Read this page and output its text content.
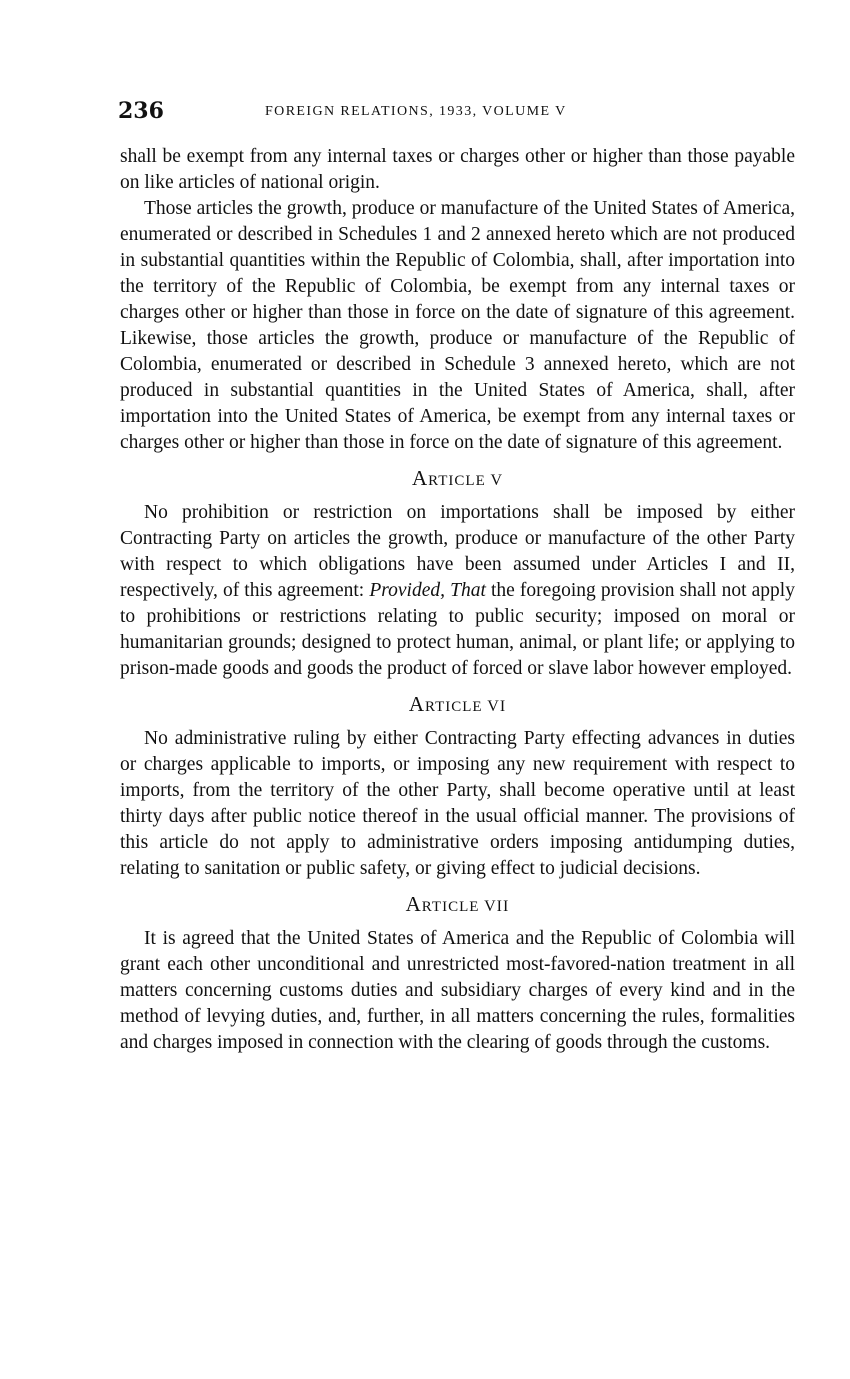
236	FOREIGN RELATIONS, 1933, VOLUME V

shall be exempt from any internal taxes or charges other or higher than those payable on like articles of national origin.

Those articles the growth, produce or manufacture of the United States of America, enumerated or described in Schedules 1 and 2 annexed hereto which are not produced in substantial quantities within the Republic of Colombia, shall, after importation into the territory of the Republic of Colombia, be exempt from any internal taxes or charges other or higher than those in force on the date of signature of this agreement. Likewise, those articles the growth, produce or manufacture of the Republic of Colombia, enumerated or described in Schedule 3 annexed hereto, which are not produced in substantial quantities in the United States of America, shall, after importation into the United States of America, be exempt from any internal taxes or charges other or higher than those in force on the date of signature of this agreement.

Article V

No prohibition or restriction on importations shall be imposed by either Contracting Party on articles the growth, produce or manufacture of the other Party with respect to which obligations have been assumed under Articles I and II, respectively, of this agreement: Provided, That the foregoing provision shall not apply to prohibitions or restrictions relating to public security; imposed on moral or humanitarian grounds; designed to protect human, animal, or plant life; or applying to prison-made goods and goods the product of forced or slave labor however employed.

Article VI

No administrative ruling by either Contracting Party effecting advances in duties or charges applicable to imports, or imposing any new requirement with respect to imports, from the territory of the other Party, shall become operative until at least thirty days after public notice thereof in the usual official manner. The provisions of this article do not apply to administrative orders imposing antidumping duties, relating to sanitation or public safety, or giving effect to judicial decisions.

Article VII

It is agreed that the United States of America and the Republic of Colombia will grant each other unconditional and unrestricted most-favored-nation treatment in all matters concerning customs duties and subsidiary charges of every kind and in the method of levying duties, and, further, in all matters concerning the rules, formalities and charges imposed in connection with the clearing of goods through the customs.
